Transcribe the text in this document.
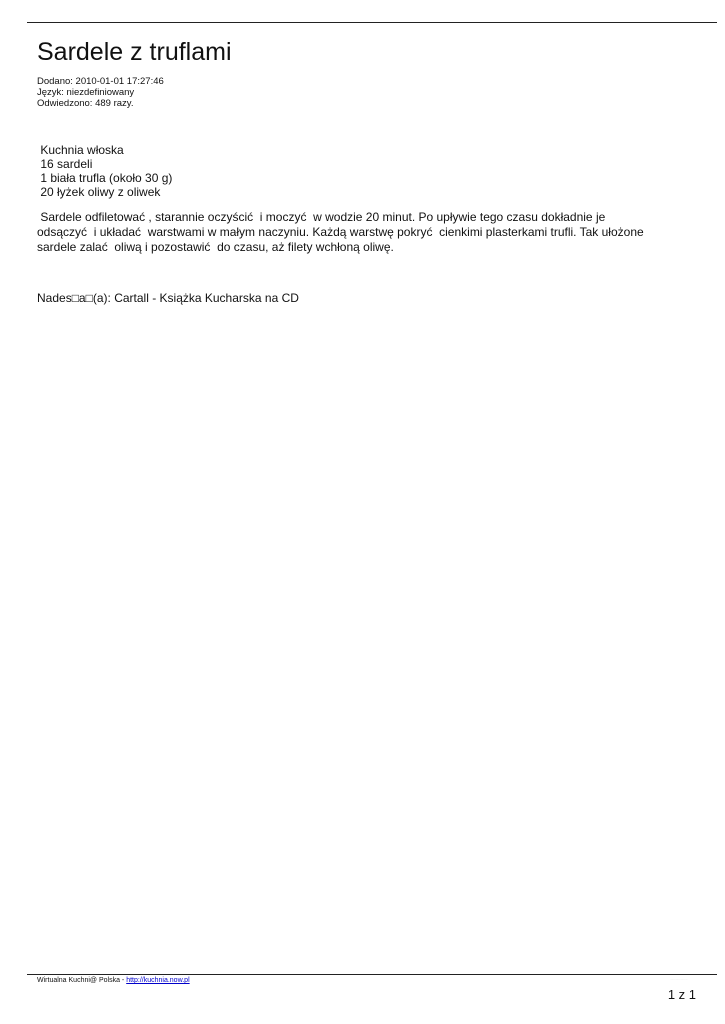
Sardele z truflami
Dodano: 2010-01-01 17:27:46
Język: niezdefiniowany
Odwiedzono: 489 razy.
Kuchnia włoska
16 sardeli
1 biała trufla (około 30 g)
20 łyżek oliwy z oliwek
Sardele odfiletować , starannie oczyścić  i moczyć  w wodzie 20 minut. Po upływie tego czasu dokładnie je
odsączyć  i układać  warstwami w małym naczyniu. Każdą warstwę pokryć  cienkimi plasterkami trufli. Tak ułożone
sardele zalać  oliwą i pozostawić  do czasu, aż filety wchłoną oliwę.
Nades□a□(a): Cartall - Książka Kucharska na CD
Wirtualna Kuchni@ Polska - http://kuchnia.now.pl	·····················
1 z 1
